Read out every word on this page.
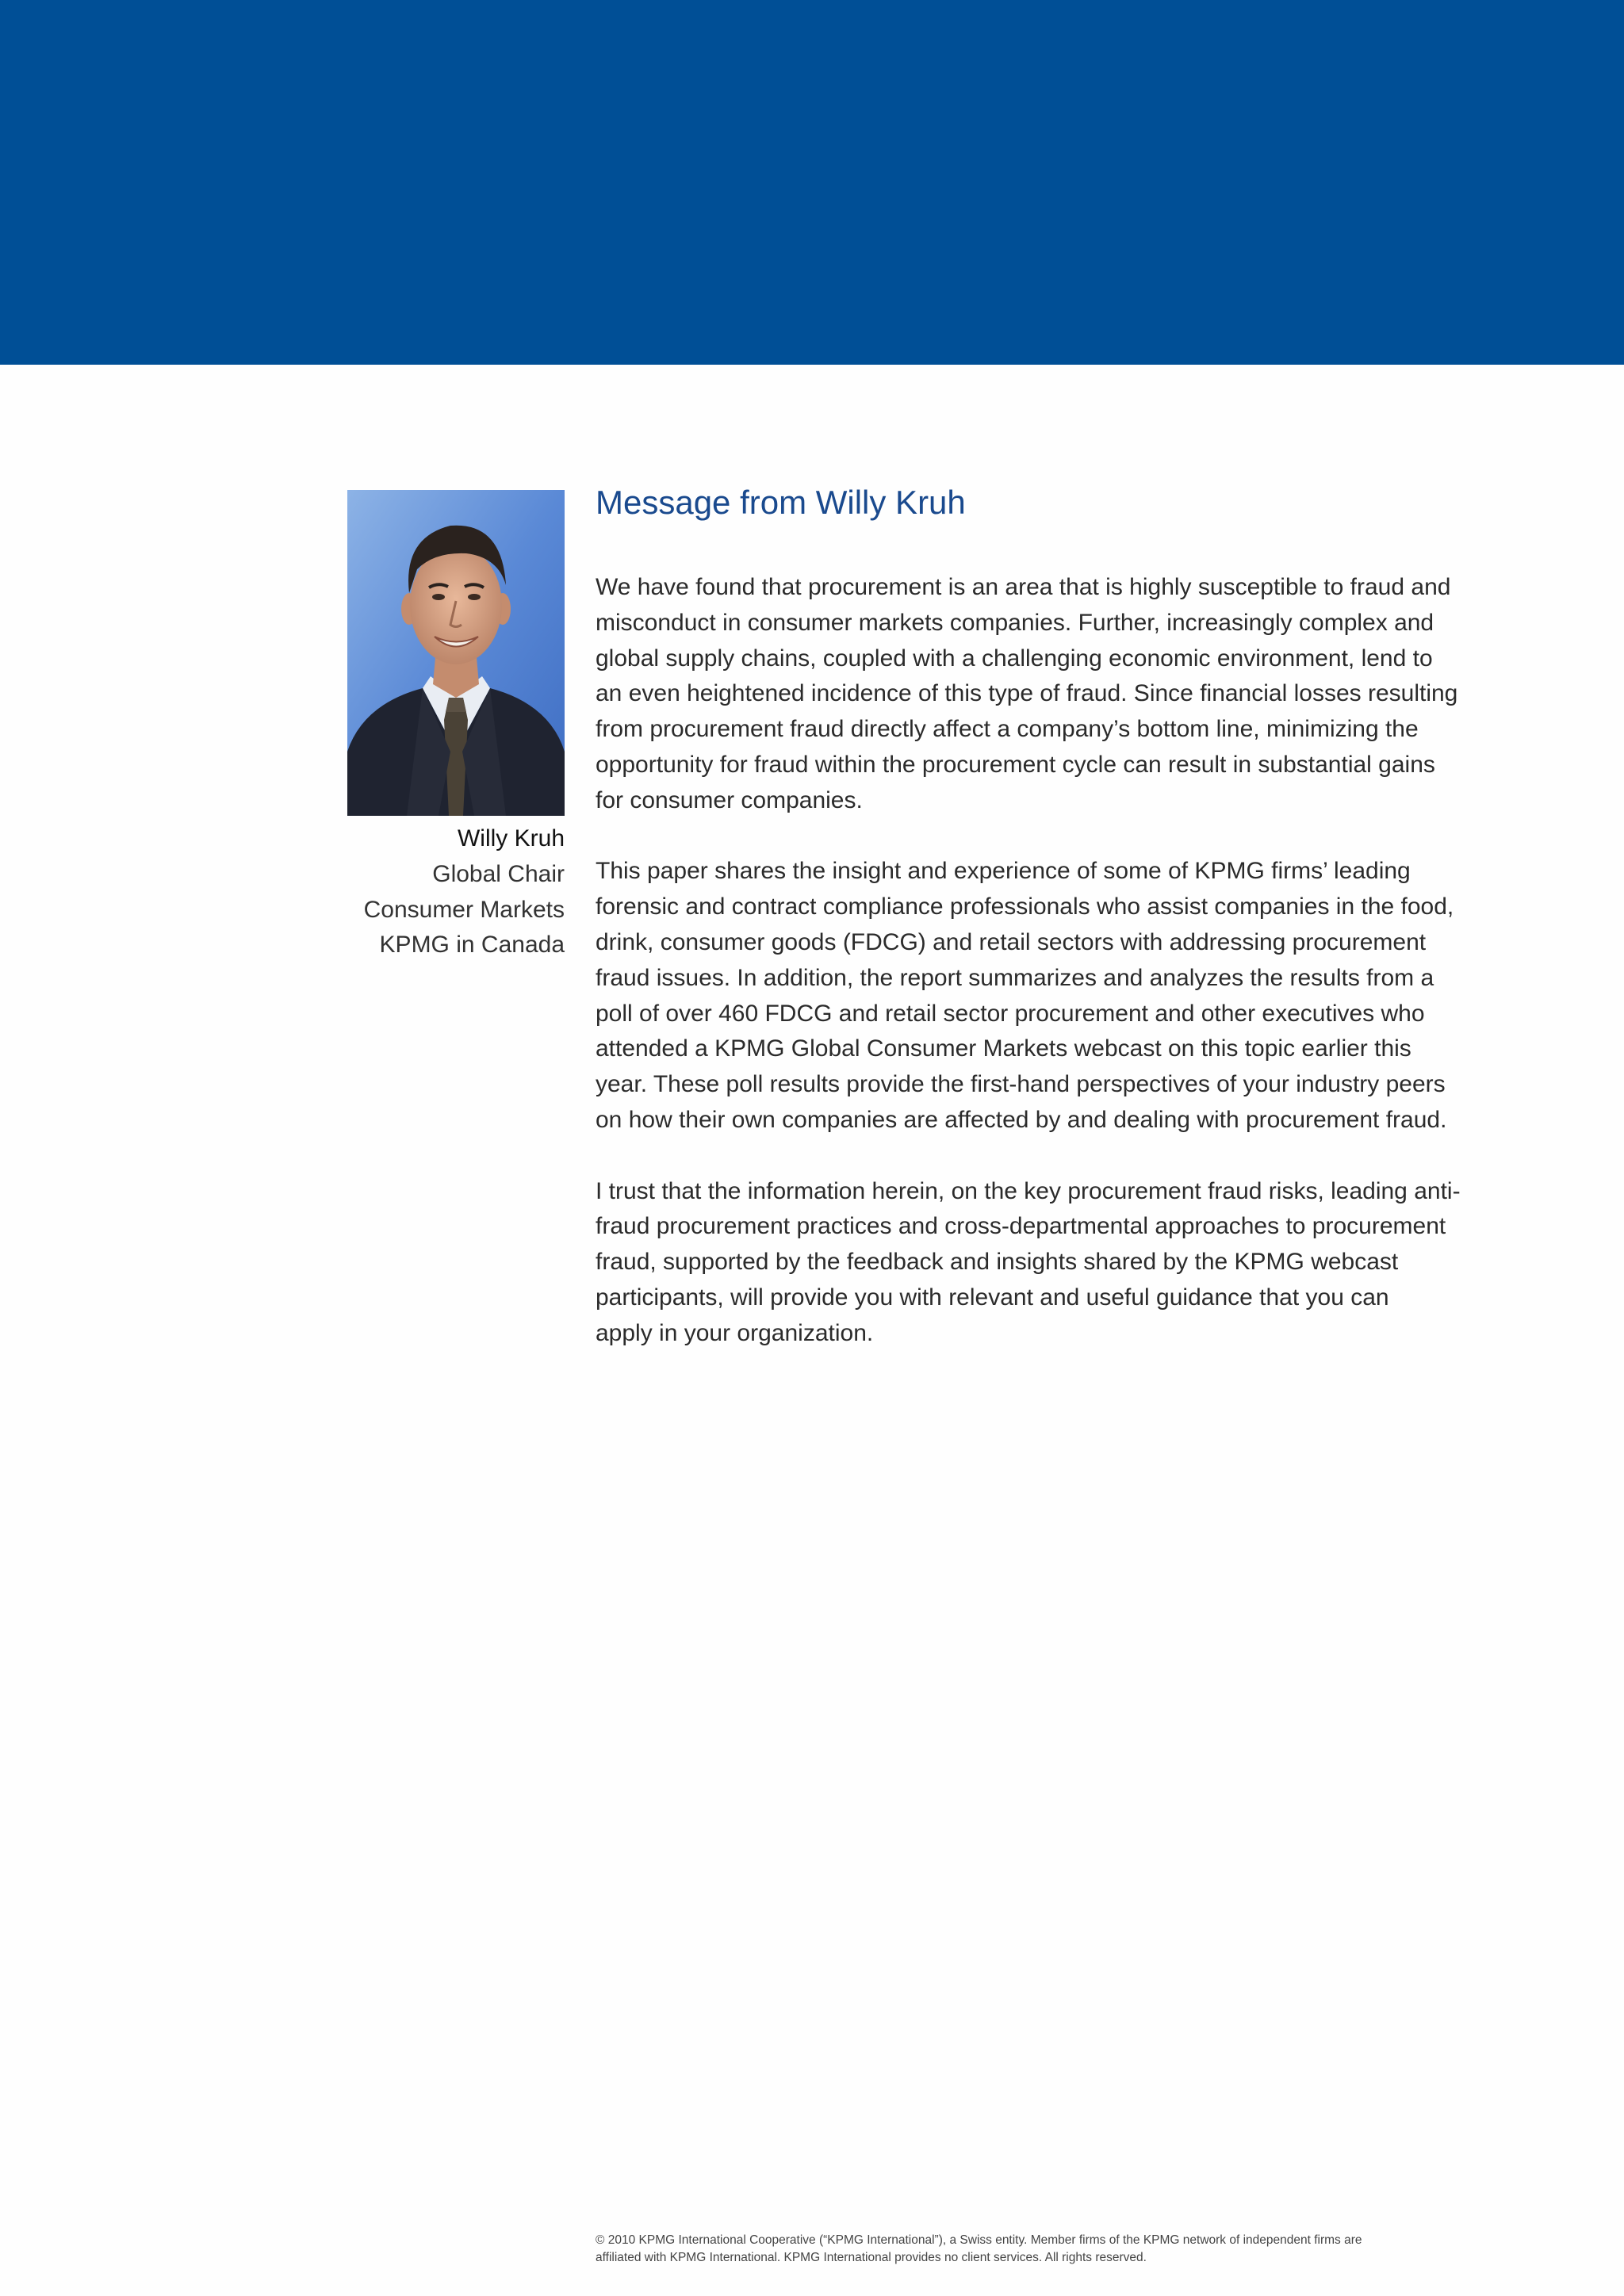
Willy Kruh
Global Chair
Consumer Markets
KPMG in Canada
Message from Willy Kruh

We have found that procurement is an area that is highly susceptible to fraud and
misconduct in consumer markets companies. Further, increasingly complex and
global supply chains, coupled with a challenging economic environment, lend to
an even heightened incidence of this type of fraud. Since financial losses resulting
from procurement fraud directly affect a company’s bottom line, minimizing the
opportunity for fraud within the procurement cycle can result in substantial gains
for consumer companies.

This paper shares the insight and experience of some of KPMG firms’ leading
forensic and contract compliance professionals who assist companies in the food,
drink, consumer goods (FDCG) and retail sectors with addressing procurement
fraud issues. In addition, the report summarizes and analyzes the results from a
poll of over 460 FDCG and retail sector procurement and other executives who
attended a KPMG Global Consumer Markets webcast on this topic earlier this
year. These poll results provide the first-hand perspectives of your industry peers
on how their own companies are affected by and dealing with procurement fraud.

I trust that the information herein, on the key procurement fraud risks, leading anti-
fraud procurement practices and cross-departmental approaches to procurement
fraud, supported by the feedback and insights shared by the KPMG webcast
participants, will provide you with relevant and useful guidance that you can
apply in your organization.

© 2010 KPMG International Cooperative (“KPMG International”), a Swiss entity. Member firms of the KPMG network of independent firms are
affiliated with KPMG International. KPMG International provides no client services. All rights reserved.
